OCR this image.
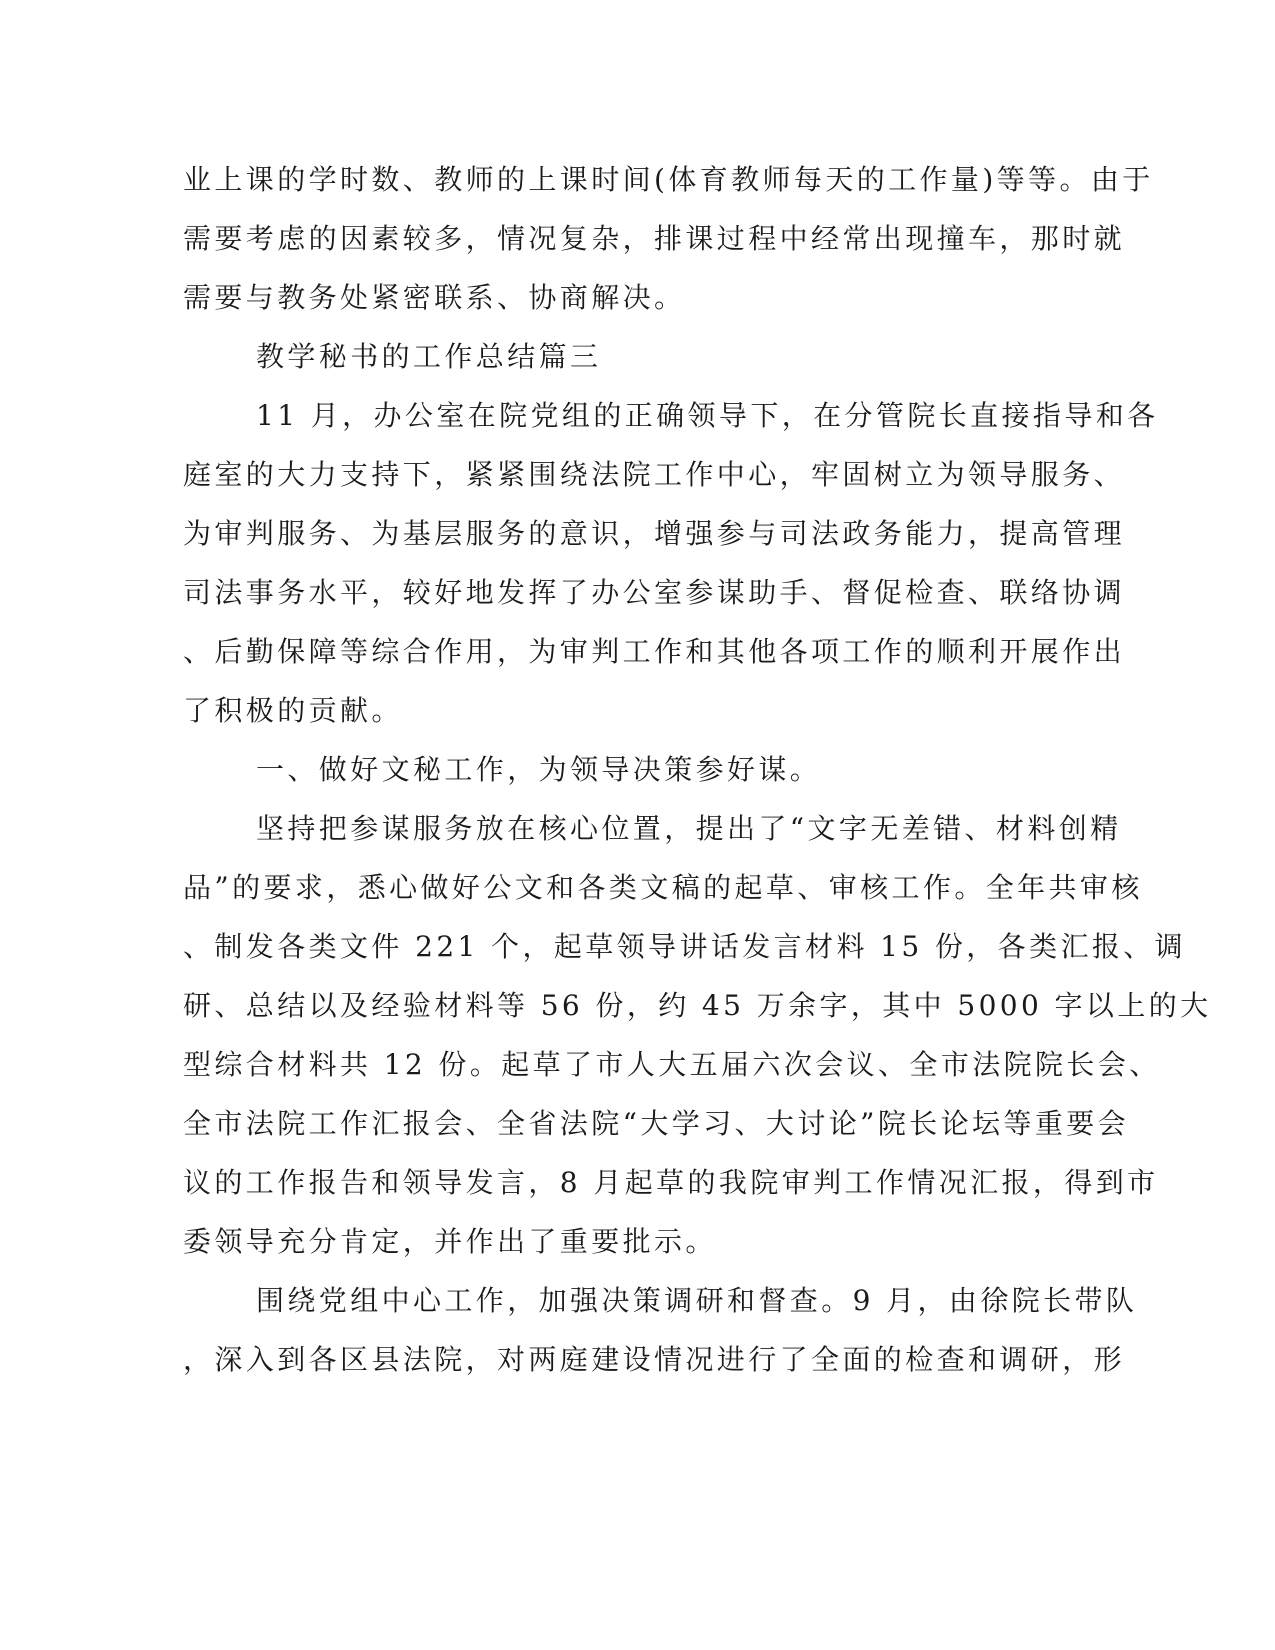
业上课的学时数、教师的上课时间(体育教师每天的工作量)等等。由于
需要考虑的因素较多，情况复杂，排课过程中经常出现撞车，那时就
需要与教务处紧密联系、协商解决。
教学秘书的工作总结篇三
11 月，办公室在院党组的正确领导下，在分管院长直接指导和各
庭室的大力支持下，紧紧围绕法院工作中心，牢固树立为领导服务、
为审判服务、为基层服务的意识，增强参与司法政务能力，提高管理
司法事务水平，较好地发挥了办公室参谋助手、督促检查、联络协调
、后勤保障等综合作用，为审判工作和其他各项工作的顺利开展作出
了积极的贡献。
一、做好文秘工作，为领导决策参好谋。
坚持把参谋服务放在核心位置，提出了“文字无差错、材料创精
品”的要求，悉心做好公文和各类文稿的起草、审核工作。全年共审核
、制发各类文件 221 个，起草领导讲话发言材料 15 份，各类汇报、调
研、总结以及经验材料等 56 份，约 45 万余字，其中 5000 字以上的大
型综合材料共 12 份。起草了市人大五届六次会议、全市法院院长会、
全市法院工作汇报会、全省法院“大学习、大讨论”院长论坛等重要会
议的工作报告和领导发言，8 月起草的我院审判工作情况汇报，得到市
委领导充分肯定，并作出了重要批示。
围绕党组中心工作，加强决策调研和督查。9 月，由徐院长带队
，深入到各区县法院，对两庭建设情况进行了全面的检查和调研，形
